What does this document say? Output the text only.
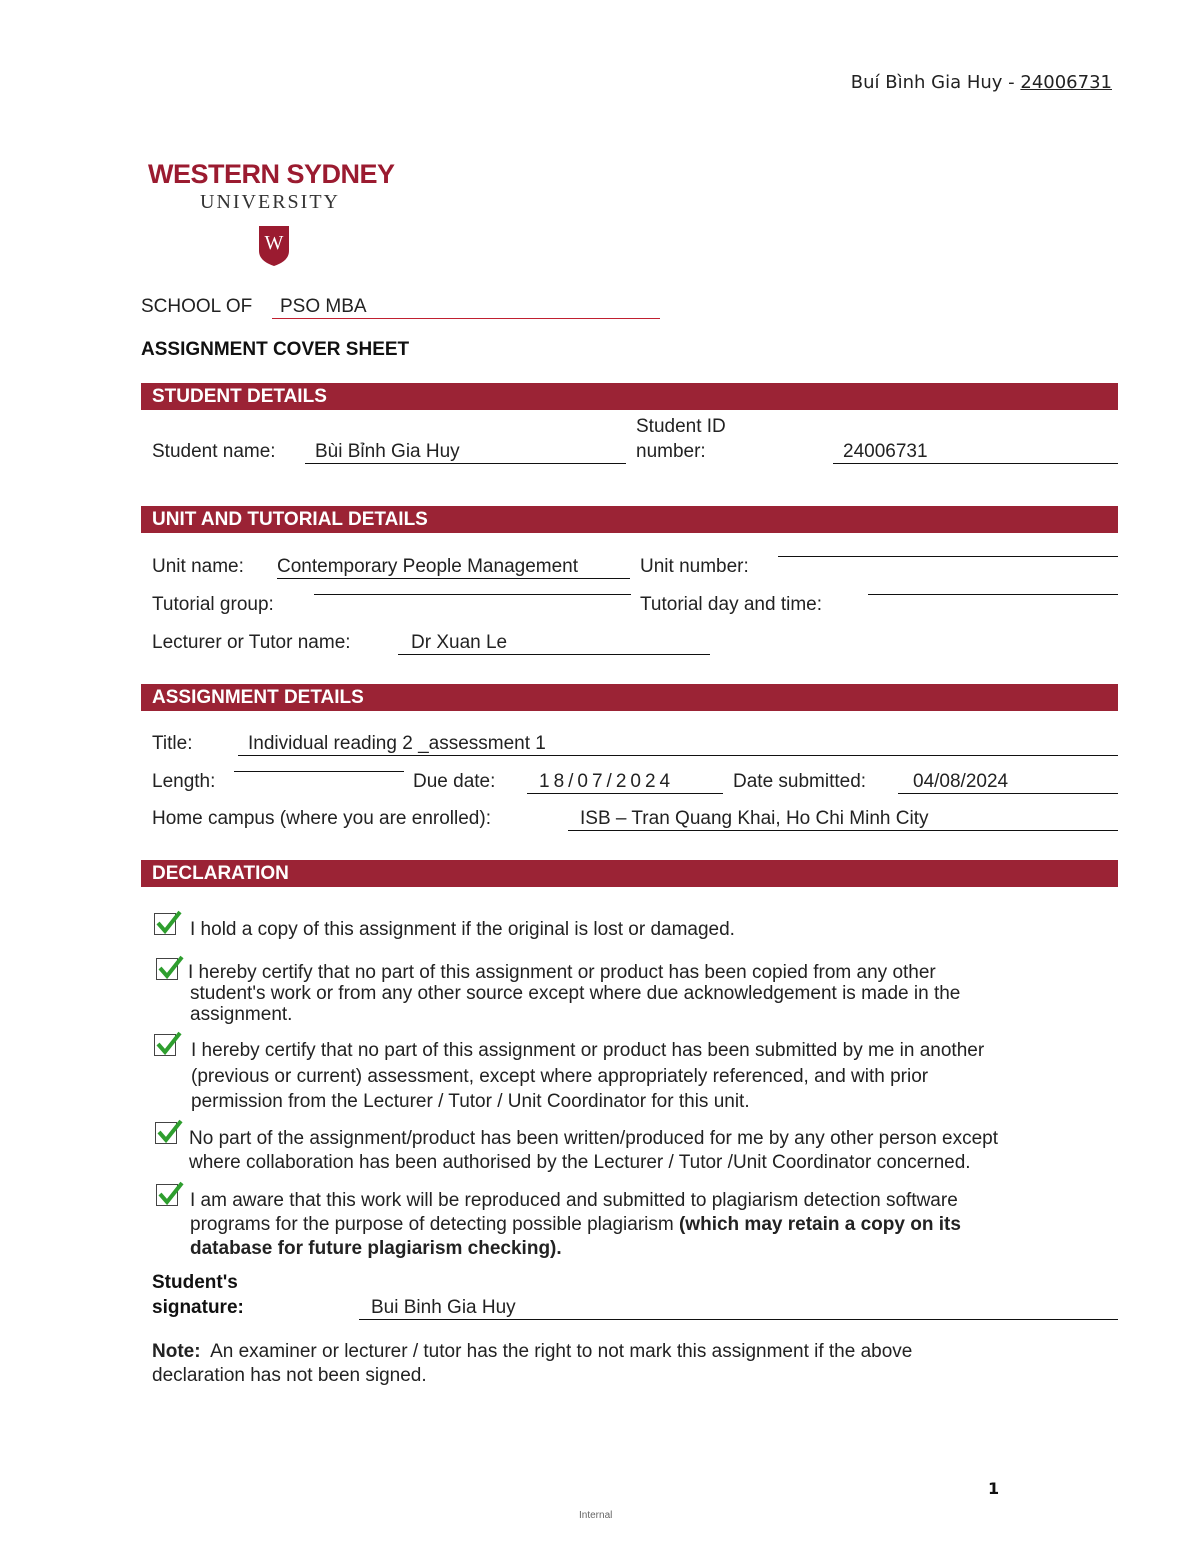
Buí Bình Gia Huy - 24006731
WESTERN SYDNEY
UNIVERSITY
W
SCHOOL OF	PSO MBA
ASSIGNMENT COVER SHEET
STUDENT DETAILS
Student name:	Bùi Bỉnh Gia Huy
Student ID
number:	24006731
UNIT AND TUTORIAL DETAILS
Unit name: Contemporary People Management	Unit number:
Tutorial group:	Tutorial day and time:
Lecturer or Tutor name:	Dr Xuan Le
ASSIGNMENT DETAILS
Title:	Individual reading 2 _assessment 1
Length:	Due date:	18/07/2024	Date submitted:	04/08/2024
Home campus (where you are enrolled):	ISB – Tran Quang Khai, Ho Chi Minh City
DECLARATION
I hold a copy of this assignment if the original is lost or damaged.
I hereby certify that no part of this assignment or product has been copied from any other
student's work or from any other source except where due acknowledgement is made in the
assignment.
I hereby certify that no part of this assignment or product has been submitted by me in another
(previous or current) assessment, except where appropriately referenced, and with prior
permission from the Lecturer / Tutor / Unit Coordinator for this unit.
No part of the assignment/product has been written/produced for me by any other person except
where collaboration has been authorised by the Lecturer / Tutor /Unit Coordinator concerned.
I am aware that this work will be reproduced and submitted to plagiarism detection software
programs for the purpose of detecting possible plagiarism (which may retain a copy on its
database for future plagiarism checking).
Student's
signature:	Bui Binh Gia Huy
Note: An examiner or lecturer / tutor has the right to not mark this assignment if the above
declaration has not been signed.
1
Internal
